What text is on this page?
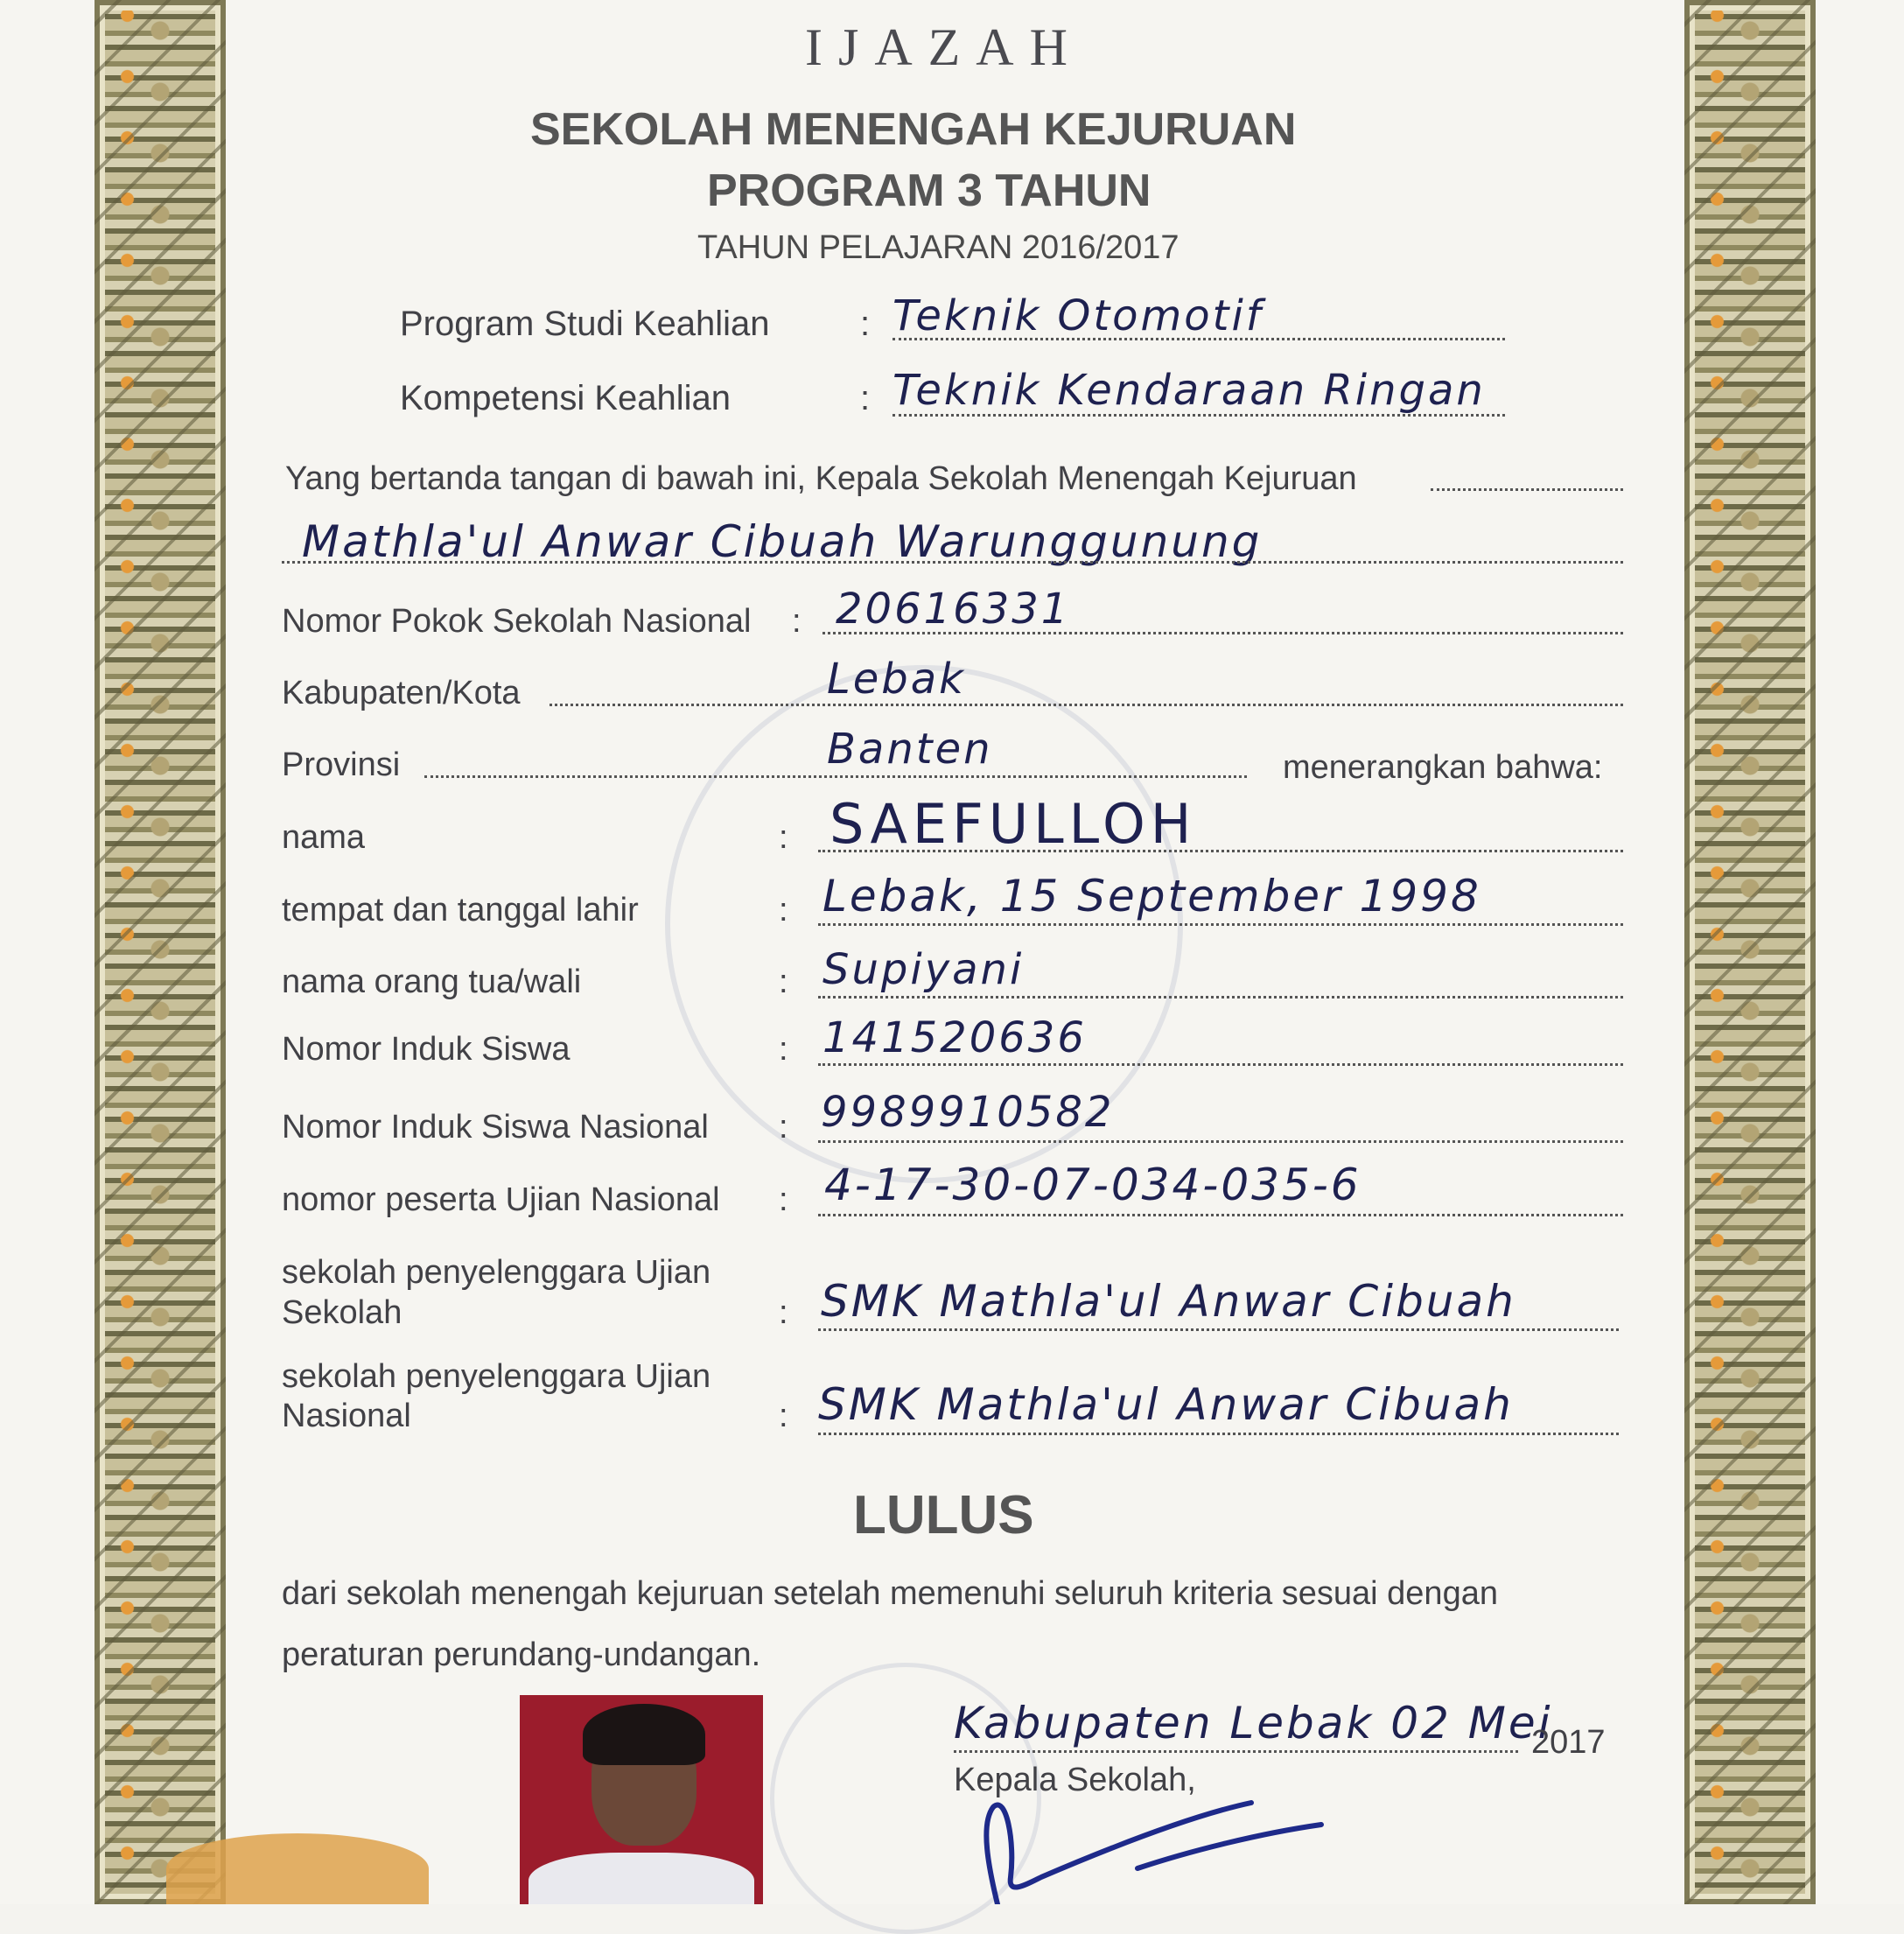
IJAZAH
SEKOLAH MENENGAH KEJURUAN
PROGRAM 3 TAHUN
TAHUN PELAJARAN 2016/2017
Program Studi Keahlian	: Teknik Otomotif
Kompetensi Keahlian	: Teknik Kendaraan Ringan
Yang bertanda tangan di bawah ini, Kepala Sekolah Menengah Kejuruan
Mathla'ul Anwar Cibuah Warunggunung
Nomor Pokok Sekolah Nasional : 20616331
Kabupaten/Kota	Lebak
Provinsi	Banten	menerangkan bahwa:
nama	: SAEFULLOH
tempat dan tanggal lahir	: Lebak, 15 September 1998
nama orang tua/wali	: Supiyani
Nomor Induk Siswa	: 141520636
Nomor Induk Siswa Nasional : 9989910582
nomor peserta Ujian Nasional : 4-17-30-07-034-035-6
sekolah penyelenggara Ujian
Sekolah	: SMK Mathla'ul Anwar Cibuah
sekolah penyelenggara Ujian
Nasional	: SMK Mathla'ul Anwar Cibuah
LULUS
dari sekolah menengah kejuruan setelah memenuhi seluruh kriteria sesuai dengan
peraturan perundang-undangan.
Kabupaten Lebak 02 Mei
2017
Kepala Sekolah,
